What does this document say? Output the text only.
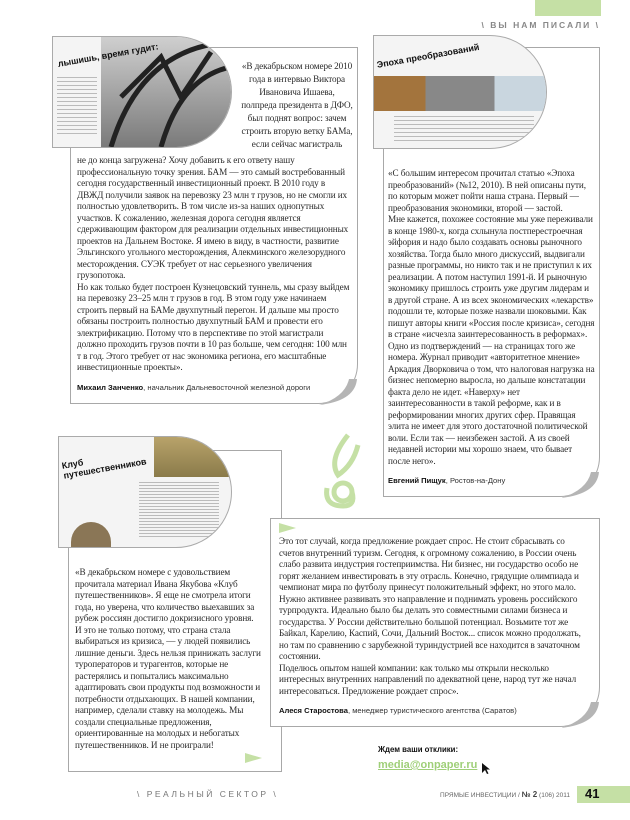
\ ВЫ НАМ ПИСАЛИ \
«В декабрьском номере 2010 года в интервью Виктора Ивановича Ишаева, полпреда президента в ДФО, был поднят вопрос: зачем строить вторую ветку БАМа, если сейчас магистраль

не до конца загружена? Хочу добавить к его ответу нашу профессиональную точку зрения. БАМ — это самый востребованный сегодня государственный инвестиционный проект. В 2010 году в ДВЖД получили заявок на перевозку 23 млн т грузов, но не смогли их полностью удовлетворить. В том числе из-за наших однопутных участков. К сожалению, железная дорога сегодня является сдерживающим фактором для реализации отдельных инвестиционных проектов на Дальнем Востоке. Я имею в виду, в частности, развитие Эльгинского угольного месторождения, Алекминского железорудного месторождения. СУЭК требует от нас серьезного увеличения грузопотока.

Но как только будет построен Кузнецовский туннель, мы сразу выйдем на перевозку 23–25 млн т грузов в год. В этом году уже начинаем строить первый на БАМе двухпутный перегон. И дальше мы просто обязаны построить полностью двухпутный БАМ и провести его электрификацию. Потому что в перспективе по этой магистрали должно проходить грузов почти в 10 раз больше, чем сегодня: 100 млн т в год. Этого требует от нас экономика региона, его масштабные инвестиционные проекты».

Михаил Занченко, начальник Дальневосточной железной дороги
лышишь, время гудит:

«С большим интересом прочитал статью «Эпоха преобразований» (№12, 2010). В ней описаны пути, по которым может пойти наша страна. Первый — преобразования экономики, второй — застой.

Мне кажется, похожее состояние мы уже переживали в конце 1980-х, когда схлынула постперестроечная эйфория и надо было создавать основы рыночного хозяйства. Тогда было много дискуссий, выдвигали разные программы, но никто так и не приступил к их реализации. А потом наступил 1991-й. И рыночную экономику пришлось строить уже другим лидерам и в другой стране. А из всех экономических «лекарств» подошли те, которые позже назвали шоковыми. Как пишут авторы книги «Россия после кризиса», сегодня в стране «исчезла заинтересованность в реформах». Одно из подтверждений — на страницах того же номера. Журнал приводит «авторитетное мнение» Аркадия Дворковича о том, что налоговая нагрузка на бизнес непомерно выросла, но дальше констатации факта дело не идет. «Наверху» нет заинтересованности в такой реформе, как и в реформировании многих других сфер. Правящая элита не имеет для этого достаточной политической воли. Если так — неизбежен застой. А из своей недавней истории мы хорошо знаем, что бывает после него».

Евгений Пищук, Ростов-на-Дону
Эпоха преобразований

«В декабрьском номере с удовольствием прочитала материал Ивана Якубова «Клуб путешественников». Я еще не смотрела итоги года, но уверена, что количество выехавших за рубеж россиян достигло докризисного уровня. И это не только потому, что страна стала выбираться из кризиса, — у людей появились лишние деньги. Здесь нельзя принижать заслуги туроператоров и турагентов, которые не растерялись и попытались максимально адаптировать свои продукты под возможности и потребности отдыхающих. В нашей компании, например, сделали ставку на молодежь. Мы создали специальные предложения, ориентированные на молодых и небогатых путешественников. И не проиграли!

Клуб путешественников

Это тот случай, когда предложение рождает спрос. Не стоит сбрасывать со счетов внутренний туризм. Сегодня, к огромному сожалению, в России очень слабо развита индустрия гостеприимства. Ни бизнес, ни государство особо не горят желанием инвестировать в эту отрасль. Конечно, грядущие олимпиада и чемпионат мира по футболу принесут положительный эффект, но этого мало. Нужно активнее развивать это направление и поднимать уровень российского турпродукта. Идеально было бы делать это совместными силами бизнеса и государства. У России действительно большой потенциал. Возьмите тот же Байкал, Карелию, Каспий, Сочи, Дальний Восток... список можно продолжать, но там по сравнению с зарубежной туриндустрией все находится в зачаточном состоянии.

Поделюсь опытом нашей компании: как только мы открыли несколько интересных внутренних направлений по адекватной цене, народ тут же начал интересоваться. Предложение рождает спрос».

Алеся Старостова, менеджер туристического агентства (Саратов)
Ждем ваши отклики:
media@onpaper.ru
\ РЕАЛЬНЫЙ СЕКТОР \	ПРЯМЫЕ ИНВЕСТИЦИИ / № 2 (106) 2011 41
